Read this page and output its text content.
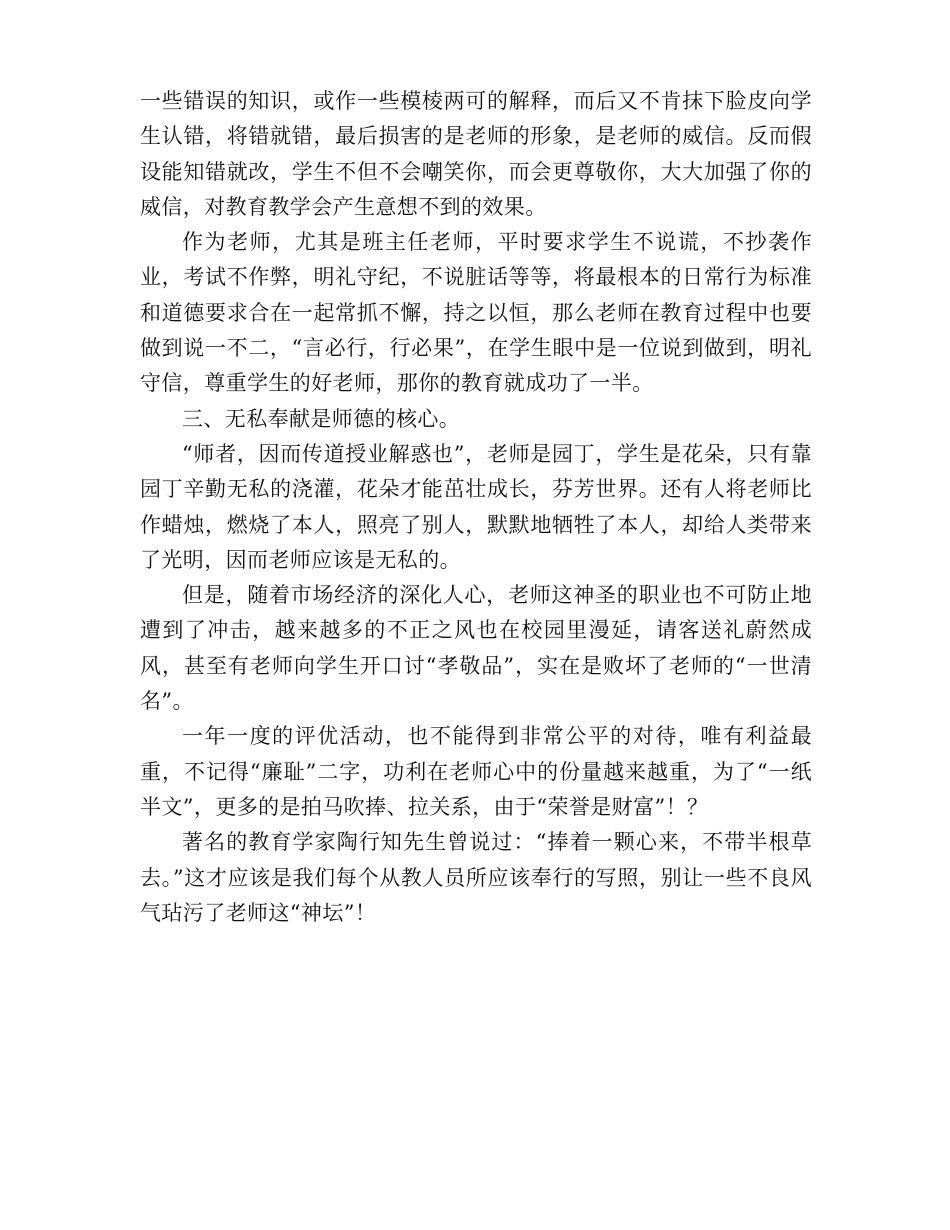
一些错误的知识，或作一些模棱两可的解释，而后又不肯抹下脸皮向学生认错，将错就错，最后损害的是老师的形象，是老师的威信。反而假设能知错就改，学生不但不会嘲笑你，而会更尊敬你，大大加强了你的威信，对教育教学会产生意想不到的效果。

作为老师，尤其是班主任老师，平时要求学生不说谎，不抄袭作业，考试不作弊，明礼守纪，不说脏话等等，将最根本的日常行为标准和道德要求合在一起常抓不懈，持之以恒，那么老师在教育过程中也要做到说一不二，“言必行，行必果”，在学生眼中是一位说到做到，明礼守信，尊重学生的好老师，那你的教育就成功了一半。

三、无私奉献是师德的核心。

“师者，因而传道授业解惑也”，老师是园丁，学生是花朵，只有靠园丁辛勤无私的浇灌，花朵才能茁壮成长，芬芳世界。还有人将老师比作蜡烛，燃烧了本人，照亮了别人，默默地牺牲了本人，却给人类带来了光明，因而老师应该是无私的。

但是，随着市场经济的深化人心，老师这神圣的职业也不可防止地遭到了冲击，越来越多的不正之风也在校园里漫延，请客送礼蔚然成风，甚至有老师向学生开口讨“孝敬品”，实在是败坏了老师的“一世清名”。

一年一度的评优活动，也不能得到非常公平的对待，唯有利益最重，不记得“廉耻”二字，功利在老师心中的份量越来越重，为了“一纸半文”，更多的是拍马吹捧、拉关系，由于“荣誉是财富”！？

著名的教育学家陶行知先生曾说过：“捧着一颗心来，不带半根草去。”这才应该是我们每个从教人员所应该奉行的写照，别让一些不良风气玷污了老师这“神坛”！
